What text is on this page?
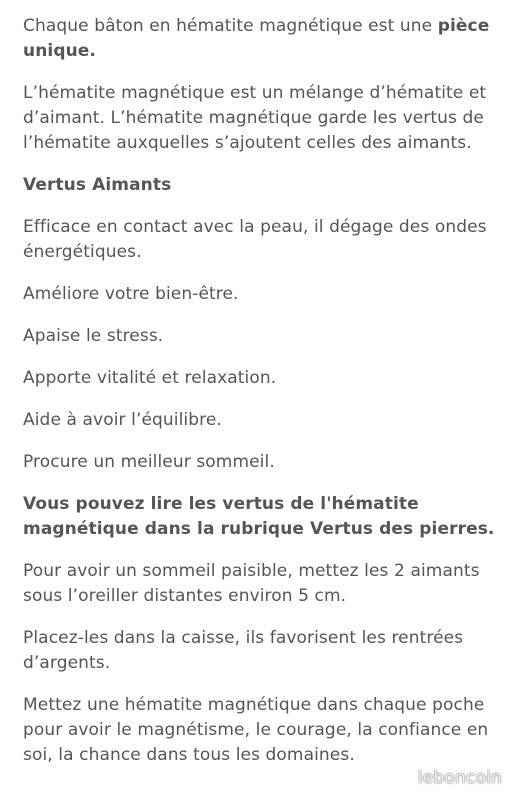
Chaque bâton en hématite magnétique est une pièce unique.

L’hématite magnétique est un mélange d’hématite et d’aimant. L’hématite magnétique garde les vertus de l’hématite auxquelles s’ajoutent celles des aimants.

Vertus Aimants

Efficace en contact avec la peau, il dégage des ondes énergétiques.

Améliore votre bien-être.

Apaise le stress.

Apporte vitalité et relaxation.

Aide à avoir l’équilibre.

Procure un meilleur sommeil.

Vous pouvez lire les vertus de l'hématite magnétique dans la rubrique Vertus des pierres.

Pour avoir un sommeil paisible, mettez les 2 aimants sous l’oreiller distantes environ 5 cm.

Placez-les dans la caisse, ils favorisent les rentrées d’argents.

Mettez une hématite magnétique dans chaque poche pour avoir le magnétisme, le courage, la confiance en soi, la chance dans tous les domaines.

leboncoin
